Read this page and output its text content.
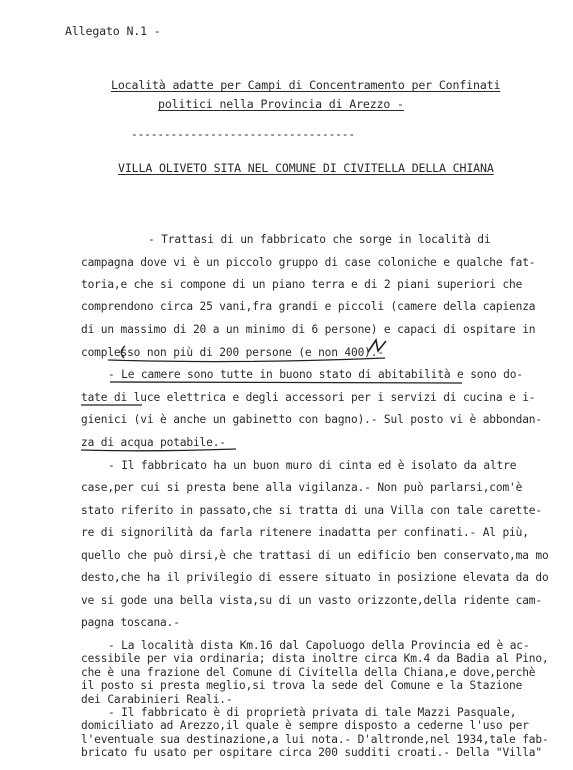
Allegato N.1 -
Località adatte per Campi di Concentramento per Confinati
politici nella Provincia di Arezzo -
----------------------------------
VILLA OLIVETO SITA NEL COMUNE DI CIVITELLA DELLA CHIANA
- Trattasi di un fabbricato che sorge in località di
campagna dove vi è un piccolo gruppo di case coloniche e qualche fat-
toria,e che si compone di un piano terra e di 2 piani superiori che
comprendono circa 25 vani,fra grandi e piccoli (camere della capienza
di un massimo di 20 a un minimo di 6 persone) e capaci di ospitare in
complesso non più di 200 persone (e non 400).-
- Le camere sono tutte in buono stato di abitabilità e sono do-
tate di luce elettrica e degli accessori per i servizi di cucina e i-
gienici (vi è anche un gabinetto con bagno).- Sul posto vi è abbondan-
za di acqua potabile.-
- Il fabbricato ha un buon muro di cinta ed è isolato da altre
case,per cui si presta bene alla vigilanza.- Non può parlarsi,com'è
stato riferito in passato,che si tratta di una Villa con tale carette-
re di signorilità da farla ritenere inadatta per confinati.- Al più,
quello che può dirsi,è che trattasi di un edificio ben conservato,ma mo
desto,che ha il privilegio di essere situato in posizione elevata da do
ve si gode una bella vista,su di un vasto orizzonte,della ridente cam-
pagna toscana.-
- La località dista Km.16 dal Capoluogo della Provincia ed è ac-
cessibile per via ordinaria; dista inoltre circa Km.4 da Badia al Pino,
che è una frazione del Comune di Civitella della Chiana,e dove,perchè
il posto si presta meglio,si trova la sede del Comune e la Stazione
dei Carabinieri Reali.-
- Il fabbricato è di proprietà privata di tale Mazzi Pasquale,
domiciliato ad Arezzo,il quale è sempre disposto a cederne l'uso per
l'eventuale sua destinazione,a lui nota.- D'altronde,nel 1934,tale fab-
bricato fu usato per ospitare circa 200 sudditi croati.- Della "Villa"
